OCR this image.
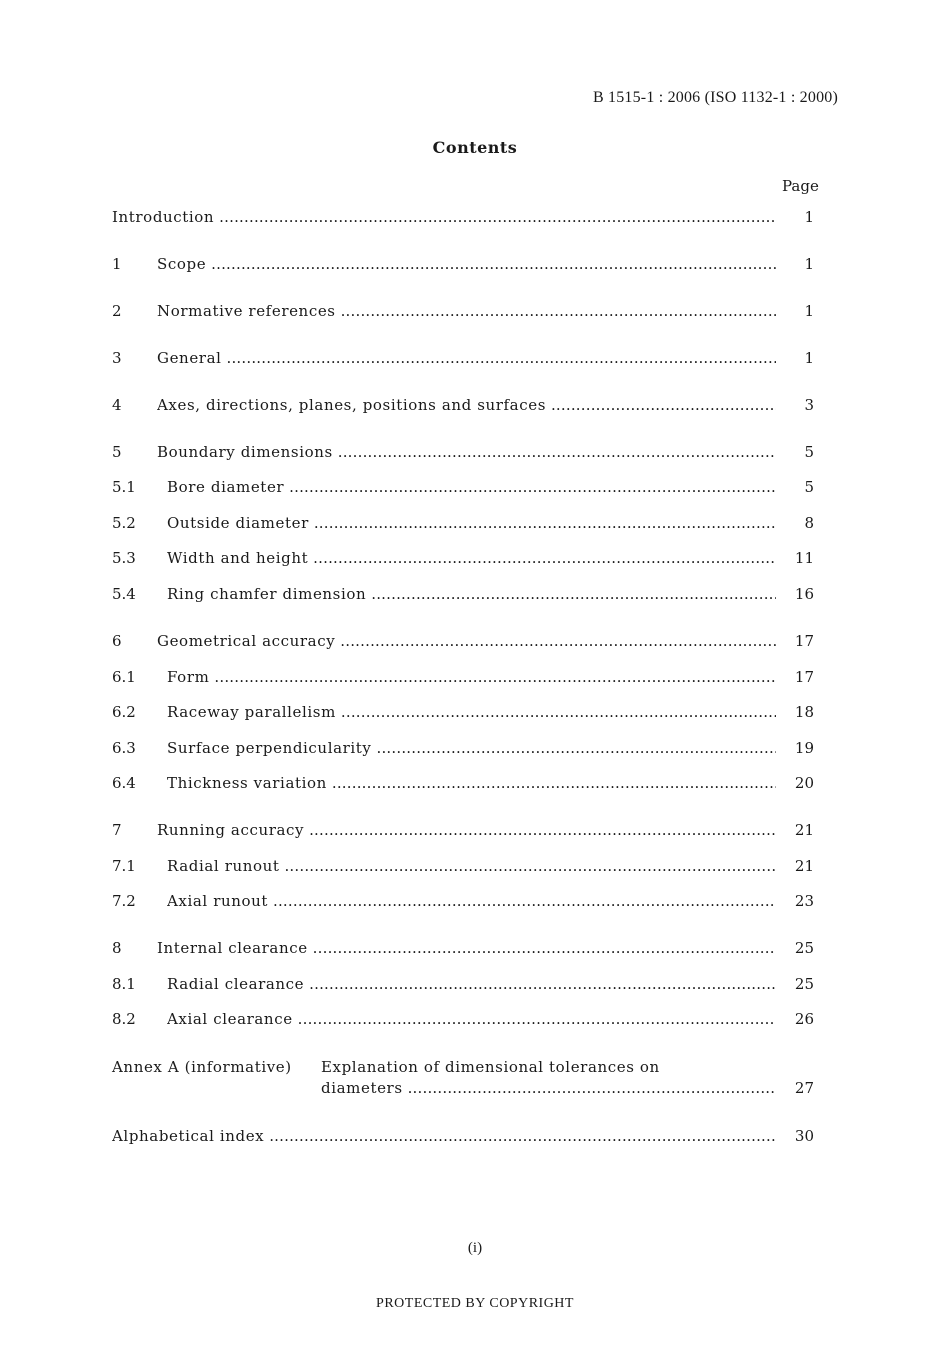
B 1515-1 : 2006 (ISO 1132-1 : 2000)
Contents
Page
Introduction .....	1
1 Scope .....	1
2 Normative references .....	1
3 General .....	1
4 Axes, directions, planes, positions and surfaces .....	3
5 Boundary dimensions .....	5
5.1 Bore diameter .....	5
5.2 Outside diameter .....	8
5.3 Width and height .....	11
5.4 Ring chamfer dimension .....	16
6 Geometrical accuracy .....	17
6.1 Form .....	17
6.2 Raceway parallelism .....	18
6.3 Surface perpendicularity .....	19
6.4 Thickness variation .....	20
7 Running accuracy .....	21
7.1 Radial runout .....	21
7.2 Axial runout .....	23
8 Internal clearance .....	25
8.1 Radial clearance .....	25
8.2 Axial clearance .....	26
Annex A (informative) Explanation of dimensional tolerances on
diameters .....	27
Alphabetical index .....	30
(i)
PROTECTED BY COPYRIGHT
